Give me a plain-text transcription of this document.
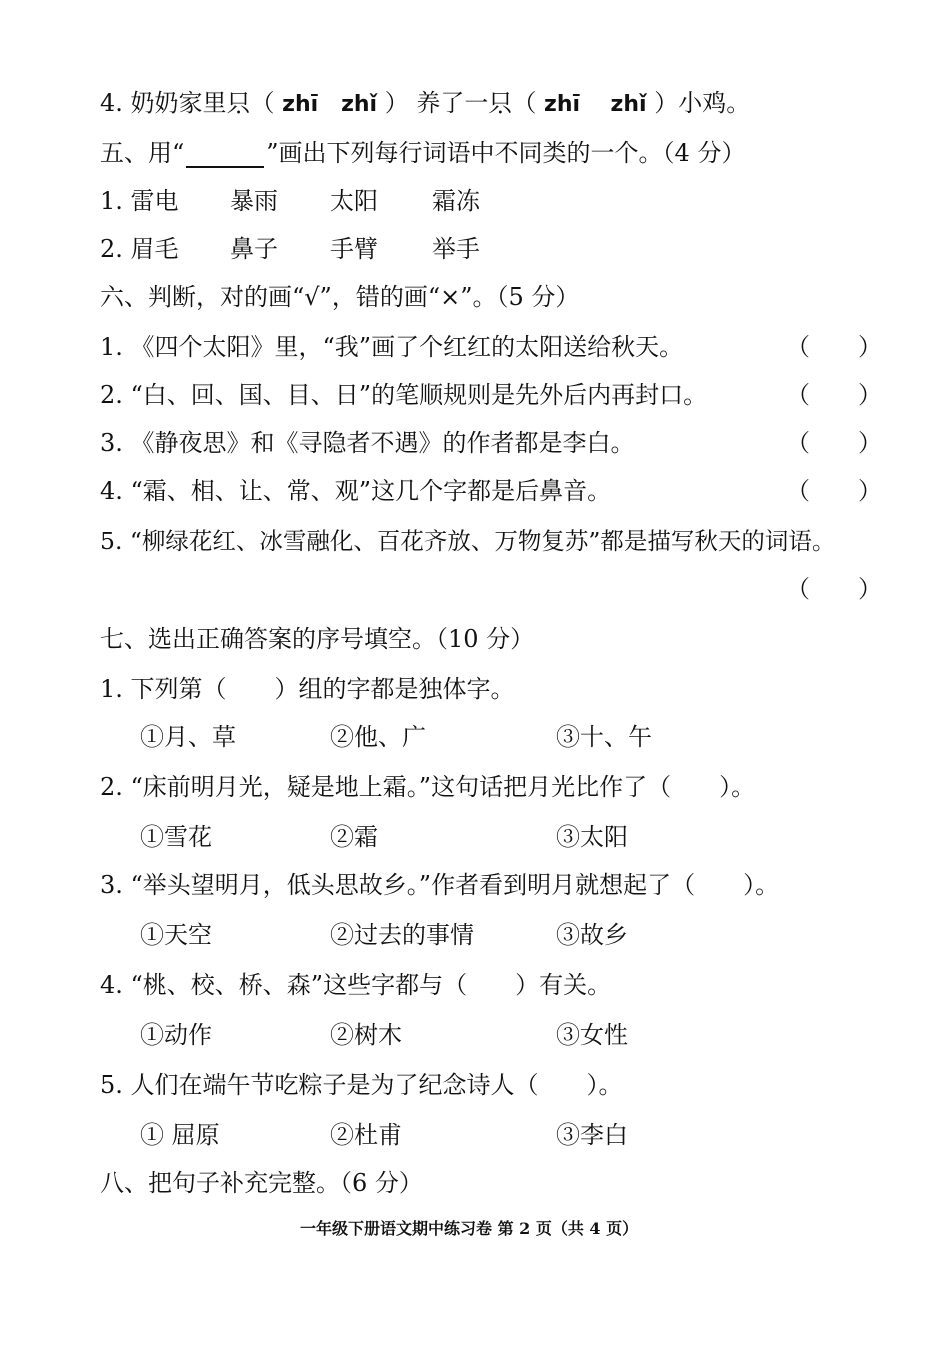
4. 奶奶家里只（ zhī zhǐ ） 养了一只（ zhī zhǐ ）小鸡。
五、用“	”画出下列每行词语中不同类的一个。（4 分）
1. 雷电 暴雨 太阳 霜冻
2. 眉毛 鼻子 手臂 举手
六、判断，对的画“√”，错的画“×”。（5 分）
1. 《四个太阳》里，“我”画了个红红的太阳送给秋天。	（　　）
2. “白、回、国、目、日”的笔顺规则是先外后内再封口。	（　　）
3. 《静夜思》和《寻隐者不遇》的作者都是李白。	（　　）
4. “霜、相、让、常、观”这几个字都是后鼻音。	（　　）
5. “柳绿花红、冰雪融化、百花齐放、万物复苏”都是描写秋天的词语。
（　　）
七、选出正确答案的序号填空。（10 分）
1. 下列第（　　）组的字都是独体字。
①月、草	②他、广	③十、午
2. “床前明月光，疑是地上霜。”这句话把月光比作了（　　）。
①雪花	②霜	③太阳
3. “举头望明月，低头思故乡。”作者看到明月就想起了（　　）。
①天空	②过去的事情	③故乡
4. “桃、校、桥、森”这些字都与（　　）有关。
①动作	②树木	③女性
5. 人们在端午节吃粽子是为了纪念诗人（　　）。
① 屈原	②杜甫	③李白
八、把句子补充完整。（6 分）
一年级下册语文期中练习卷 第 2 页（共 4 页）
